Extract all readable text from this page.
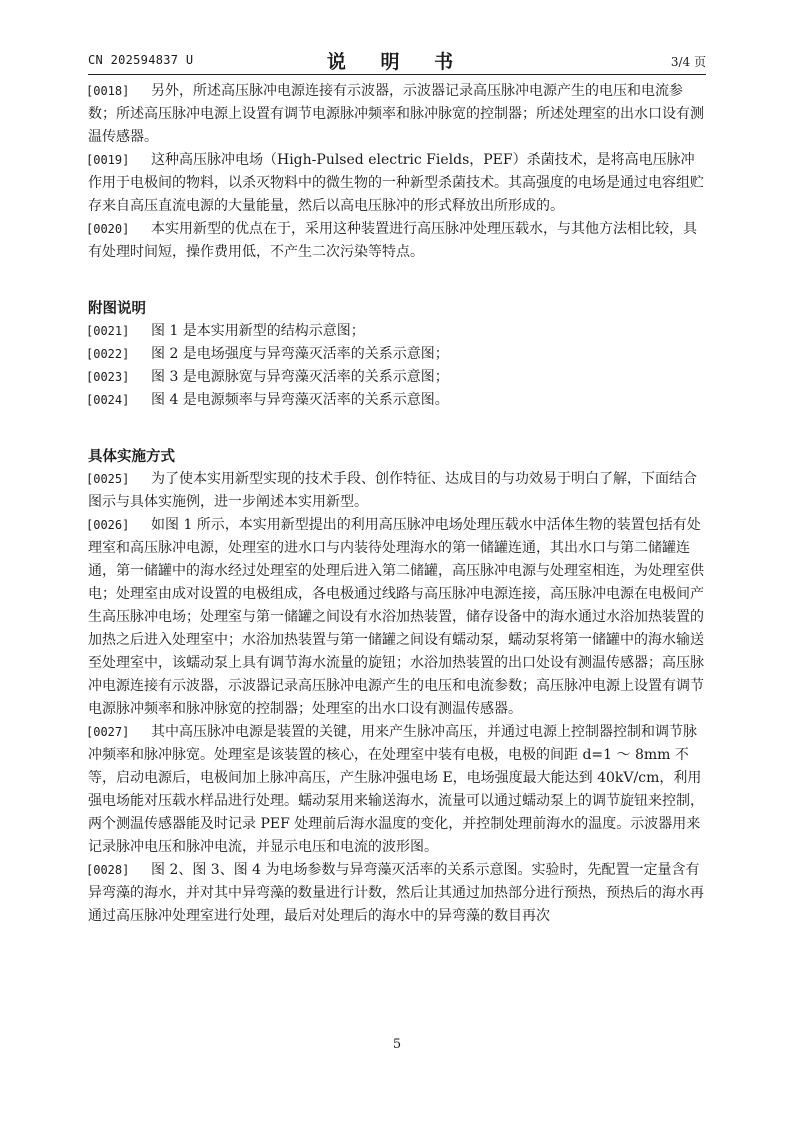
CN 202594837 U	说 明 书	3/4 页

[0018] 另外，所述高压脉冲电源连接有示波器，示波器记录高压脉冲电源产生的电压和电流参数；所述高压脉冲电源上设置有调节电源脉冲频率和脉冲脉宽的控制器；所述处理室的出水口设有测温传感器。

[0019] 这种高压脉冲电场（High-Pulsed electric Fields，PEF）杀菌技术，是将高电压脉冲作用于电极间的物料，以杀灭物料中的微生物的一种新型杀菌技术。其高强度的电场是通过电容组贮存来自高压直流电源的大量能量，然后以高电压脉冲的形式释放出所形成的。

[0020] 本实用新型的优点在于，采用这种装置进行高压脉冲处理压载水，与其他方法相比较，具有处理时间短，操作费用低，不产生二次污染等特点。

附图说明

[0021] 图 1 是本实用新型的结构示意图；

[0022] 图 2 是电场强度与异弯藻灭活率的关系示意图；

[0023] 图 3 是电源脉宽与异弯藻灭活率的关系示意图；

[0024] 图 4 是电源频率与异弯藻灭活率的关系示意图。

具体实施方式

[0025] 为了使本实用新型实现的技术手段、创作特征、达成目的与功效易于明白了解，下面结合图示与具体实施例，进一步阐述本实用新型。

[0026] 如图 1 所示，本实用新型提出的利用高压脉冲电场处理压载水中活体生物的装置包括有处理室和高压脉冲电源，处理室的进水口与内装待处理海水的第一储罐连通，其出水口与第二储罐连通，第一储罐中的海水经过处理室的处理后进入第二储罐，高压脉冲电源与处理室相连，为处理室供电；处理室由成对设置的电极组成，各电极通过线路与高压脉冲电源连接，高压脉冲电源在电极间产生高压脉冲电场；处理室与第一储罐之间设有水浴加热装置，储存设备中的海水通过水浴加热装置的加热之后进入处理室中；水浴加热装置与第一储罐之间设有蠕动泵，蠕动泵将第一储罐中的海水输送至处理室中，该蠕动泵上具有调节海水流量的旋钮；水浴加热装置的出口处设有测温传感器；高压脉冲电源连接有示波器，示波器记录高压脉冲电源产生的电压和电流参数；高压脉冲电源上设置有调节电源脉冲频率和脉冲脉宽的控制器；处理室的出水口设有测温传感器。

[0027] 其中高压脉冲电源是装置的关键，用来产生脉冲高压，并通过电源上控制器控制和调节脉冲频率和脉冲脉宽。处理室是该装置的核心，在处理室中装有电极，电极的间距 d=1 ～ 8mm 不等，启动电源后，电极间加上脉冲高压，产生脉冲强电场 E，电场强度最大能达到 40kV/cm，利用强电场能对压载水样品进行处理。蠕动泵用来输送海水，流量可以通过蠕动泵上的调节旋钮来控制，两个测温传感器能及时记录 PEF 处理前后海水温度的变化，并控制处理前海水的温度。示波器用来记录脉冲电压和脉冲电流，并显示电压和电流的波形图。

[0028] 图 2、图 3、图 4 为电场参数与异弯藻灭活率的关系示意图。实验时，先配置一定量含有异弯藻的海水，并对其中异弯藻的数量进行计数，然后让其通过加热部分进行预热，预热后的海水再通过高压脉冲处理室进行处理，最后对处理后的海水中的异弯藻的数目再次

5
